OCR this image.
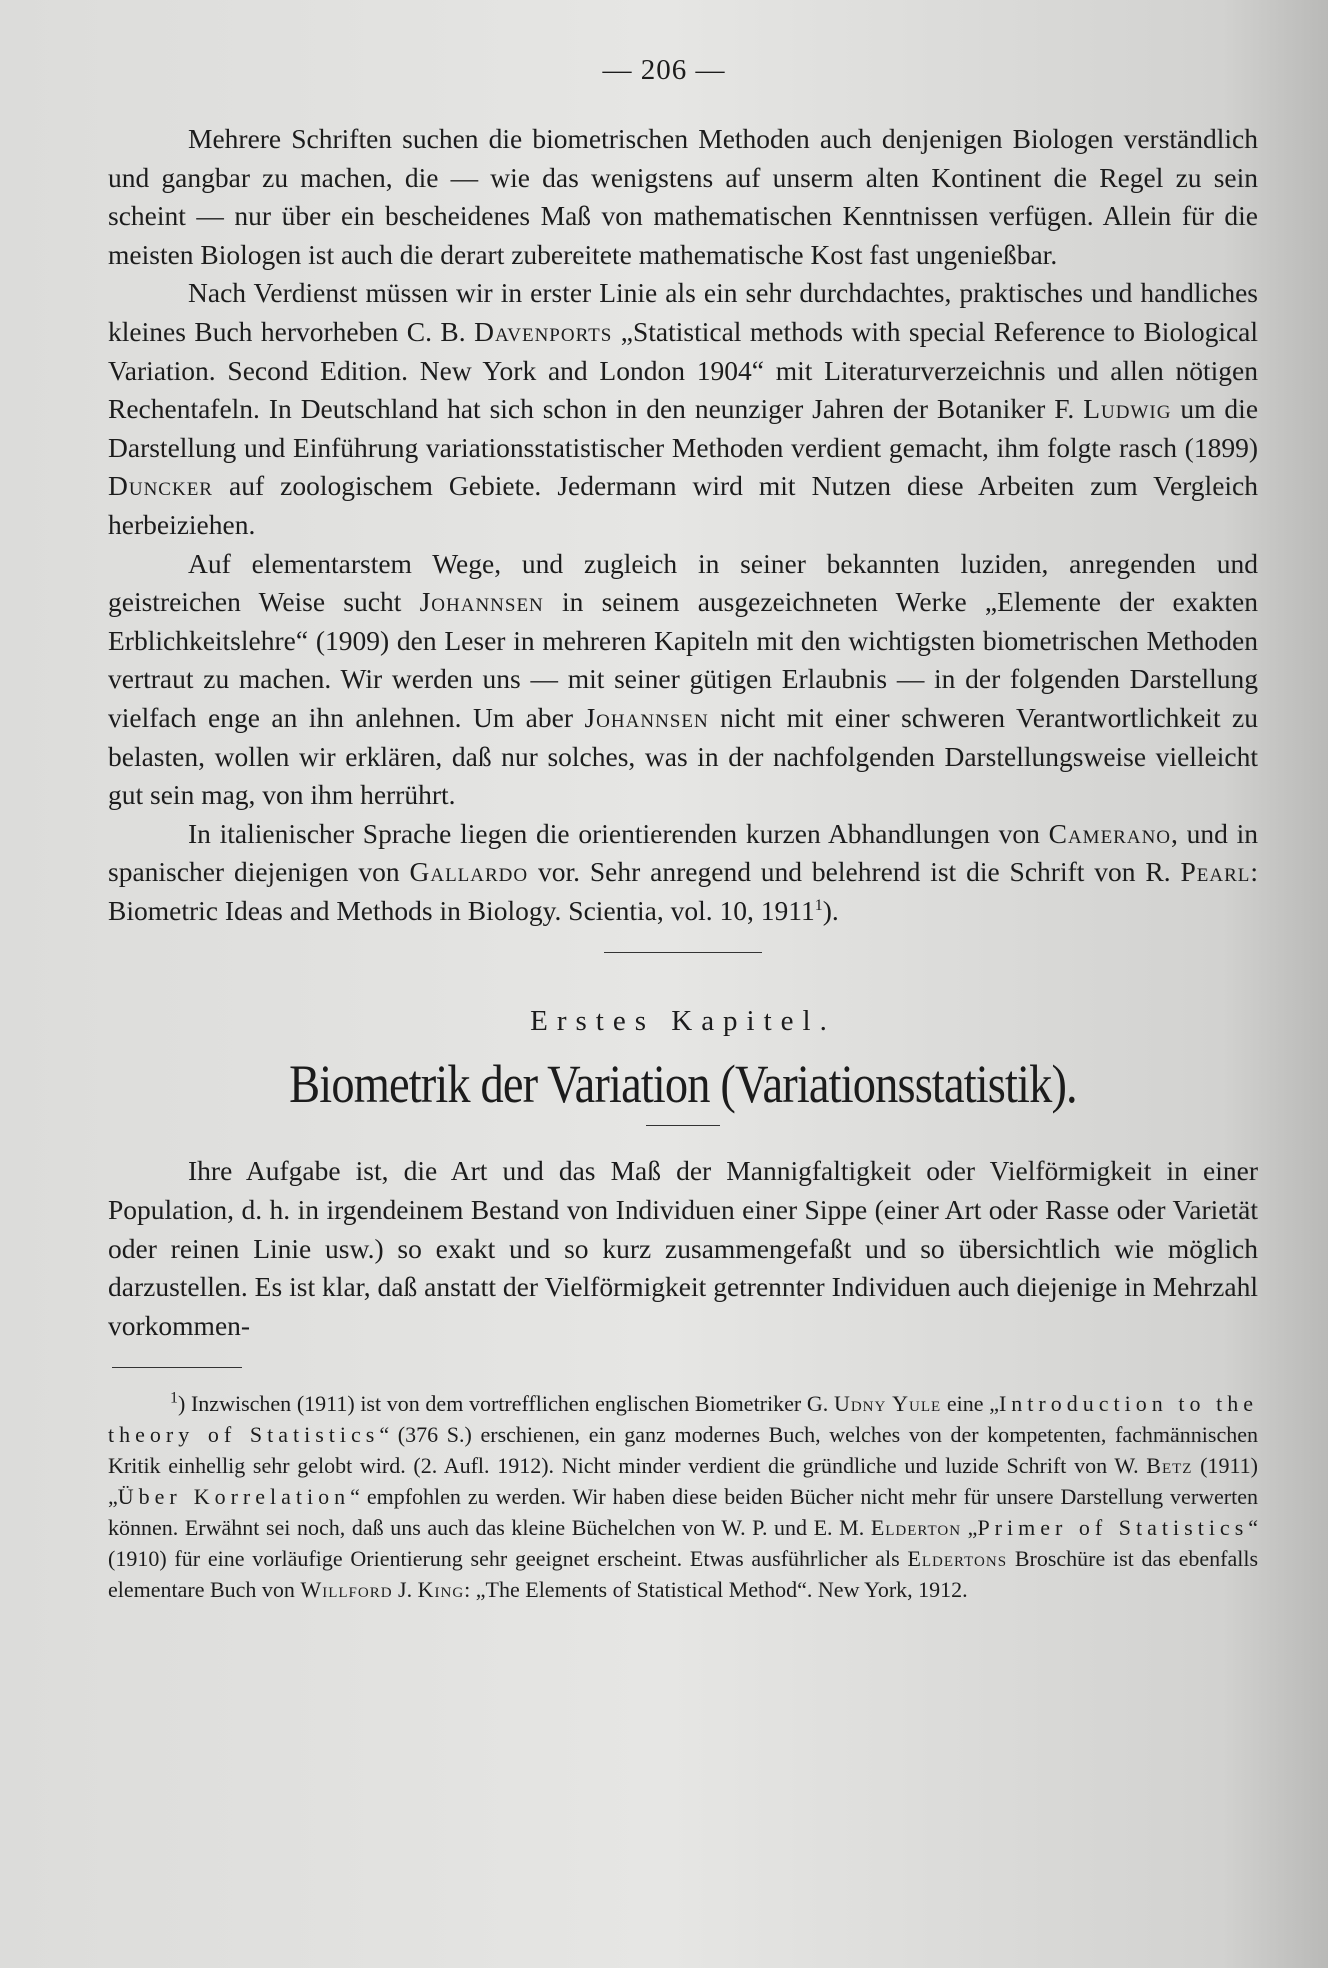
— 206 —

Mehrere Schriften suchen die biometrischen Methoden auch denjenigen Biologen verständlich und gangbar zu machen, die — wie das wenigstens auf unserm alten Kontinent die Regel zu sein scheint — nur über ein bescheidenes Maß von mathematischen Kenntnissen verfügen. Allein für die meisten Biologen ist auch die derart zubereitete mathematische Kost fast ungenießbar.

Nach Verdienst müssen wir in erster Linie als ein sehr durchdachtes, praktisches und handliches kleines Buch hervorheben C. B. Davenports „Statistical methods with special Reference to Biological Variation. Second Edition. New York and London 1904“ mit Literaturverzeichnis und allen nötigen Rechentafeln. In Deutschland hat sich schon in den neunziger Jahren der Botaniker F. Ludwig um die Darstellung und Einführung variationsstatistischer Methoden verdient gemacht, ihm folgte rasch (1899) Duncker auf zoologischem Gebiete. Jedermann wird mit Nutzen diese Arbeiten zum Vergleich herbeiziehen.

Auf elementarstem Wege, und zugleich in seiner bekannten luziden, anregenden und geistreichen Weise sucht Johannsen in seinem ausgezeichneten Werke „Elemente der exakten Erblichkeitslehre“ (1909) den Leser in mehreren Kapiteln mit den wichtigsten biometrischen Methoden vertraut zu machen. Wir werden uns — mit seiner gütigen Erlaubnis — in der folgenden Darstellung vielfach enge an ihn anlehnen. Um aber Johannsen nicht mit einer schweren Verantwortlichkeit zu belasten, wollen wir erklären, daß nur solches, was in der nachfolgenden Darstellungsweise vielleicht gut sein mag, von ihm herrührt.

In italienischer Sprache liegen die orientierenden kurzen Abhandlungen von Camerano, und in spanischer diejenigen von Gallardo vor. Sehr anregend und belehrend ist die Schrift von R. Pearl: Biometric Ideas and Methods in Biology. Scientia, vol. 10, 1911$^1$).

Erstes Kapitel.
Biometrik der Variation (Variationsstatistik).

Ihre Aufgabe ist, die Art und das Maß der Mannigfaltigkeit oder Vielförmigkeit in einer Population, d. h. in irgendeinem Bestand von Individuen einer Sippe (einer Art oder Rasse oder Varietät oder reinen Linie usw.) so exakt und so kurz zusammengefaßt und so übersichtlich wie möglich darzustellen. Es ist klar, daß anstatt der Vielförmigkeit getrennter Individuen auch diejenige in Mehrzahl vorkommen-

$^1$) Inzwischen (1911) ist von dem vortrefflichen englischen Biometriker G. Udny Yule eine „Introduction to the theory of Statistics“ (376 S.) erschienen, ein ganz modernes Buch, welches von der kompetenten, fachmännischen Kritik einhellig sehr gelobt wird. (2. Aufl. 1912). Nicht minder verdient die gründliche und luzide Schrift von W. Betz (1911) „Über Korrelation“ empfohlen zu werden. Wir haben diese beiden Bücher nicht mehr für unsere Darstellung verwerten können. Erwähnt sei noch, daß uns auch das kleine Büchelchen von W. P. und E. M. Elderton „Primer of Statistics“ (1910) für eine vorläufige Orientierung sehr geeignet erscheint. Etwas ausführlicher als Eldertons Broschüre ist das ebenfalls elementare Buch von Willford J. King: „The Elements of Statistical Method“. New York, 1912.
